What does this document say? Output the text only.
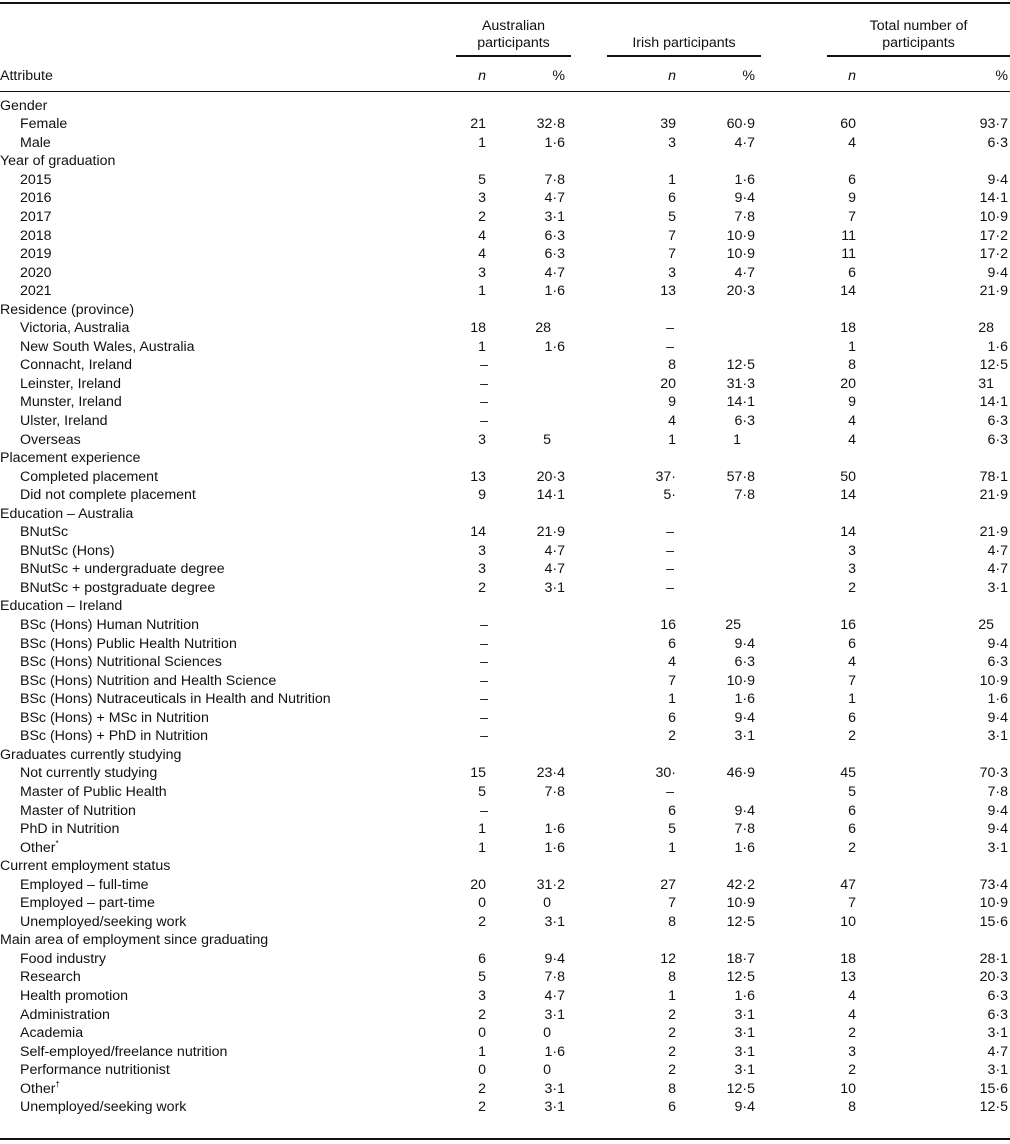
	Australian
participants		Irish participants		Total number of
participants	

Attribute	n	%	n	%	n	%
Gender						
Female	21	32·8	39	60·9	60	93·7
Male	1	1·6	3	4·7	4	6·3
Year of graduation						
2015	5	7·8	1	1·6	6	9·4
2016	3	4·7	6	9·4	9	14·1
2017	2	3·1	5	7·8	7	10·9
2018	4	6·3	7	10·9	11	17·2
2019	4	6·3	7	10·9	11	17·2
2020	3	4·7	3	4·7	6	9·4
2021	1	1·6	13	20·3	14	21·9
Residence (province)						
Victoria, Australia	18	28	–		18	28
New South Wales, Australia	1	1·6	–		1	1·6
Connacht, Ireland	–		8	12·5	8	12·5
Leinster, Ireland	–		20	31·3	20	31
Munster, Ireland	–		9	14·1	9	14·1
Ulster, Ireland	–		4	6·3	4	6·3
Overseas	3	5	1	1	4	6·3
Placement experience						
Completed placement	13	20·3	37·	57·8	50	78·1
Did not complete placement	9	14·1	5·	7·8	14	21·9
Education – Australia						
BNutSc	14	21·9	–		14	21·9
BNutSc (Hons)	3	4·7	–		3	4·7
BNutSc + undergraduate degree	3	4·7	–		3	4·7
BNutSc + postgraduate degree	2	3·1	–		2	3·1
Education – Ireland						
BSc (Hons) Human Nutrition	–		16	25	16	25
BSc (Hons) Public Health Nutrition	–		6	9·4	6	9·4
BSc (Hons) Nutritional Sciences	–		4	6·3	4	6·3
BSc (Hons) Nutrition and Health Science	–		7	10·9	7	10·9
BSc (Hons) Nutraceuticals in Health and Nutrition	–		1	1·6	1	1·6
BSc (Hons) + MSc in Nutrition	–		6	9·4	6	9·4
BSc (Hons) + PhD in Nutrition	–		2	3·1	2	3·1
Graduates currently studying						
Not currently studying	15	23·4	30·	46·9	45	70·3
Master of Public Health	5	7·8	–		5	7·8
Master of Nutrition	–		6	9·4	6	9·4
PhD in Nutrition	1	1·6	5	7·8	6	9·4
Other*	1	1·6	1	1·6	2	3·1
Current employment status						
Employed – full-time	20	31·2	27	42·2	47	73·4
Employed – part-time	0	0	7	10·9	7	10·9
Unemployed/seeking work	2	3·1	8	12·5	10	15·6
Main area of employment since graduating						
Food industry	6	9·4	12	18·7	18	28·1
Research	5	7·8	8	12·5	13	20·3
Health promotion	3	4·7	1	1·6	4	6·3
Administration	2	3·1	2	3·1	4	6·3
Academia	0	0	2	3·1	2	3·1
Self-employed/freelance nutrition	1	1·6	2	3·1	3	4·7
Performance nutritionist	0	0	2	3·1	2	3·1
Other†	2	3·1	8	12·5	10	15·6
Unemployed/seeking work	2	3·1	6	9·4	8	12·5
